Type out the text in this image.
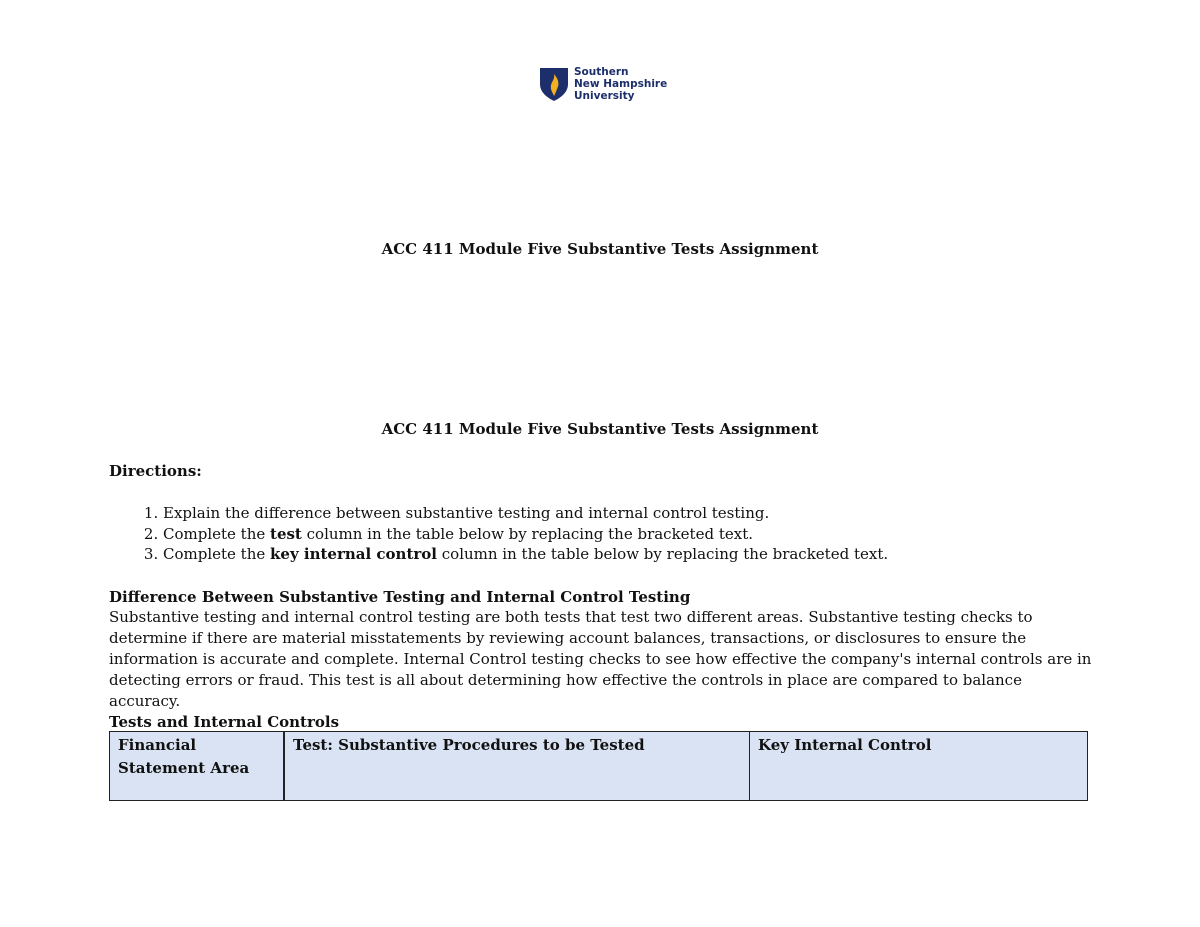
Southern
New Hampshire
University
ACC 411 Module Five Substantive Tests Assignment
ACC 411 Module Five Substantive Tests Assignment
Directions:
1. Explain the difference between substantive testing and internal control testing.
2. Complete the test column in the table below by replacing the bracketed text.
3. Complete the key internal control column in the table below by replacing the bracketed text.
Difference Between Substantive Testing and Internal Control Testing
Substantive testing and internal control testing are both tests that test two different areas. Substantive testing checks to determine if there are material misstatements by reviewing account balances, transactions, or disclosures to ensure the information is accurate and complete. Internal Control testing checks to see how effective the company's internal controls are in detecting errors or fraud. This test is all about determining how effective the controls in place are compared to balance accuracy.
Tests and Internal Controls
Financial Statement Area	Test: Substantive Procedures to be Tested	Key Internal Control
